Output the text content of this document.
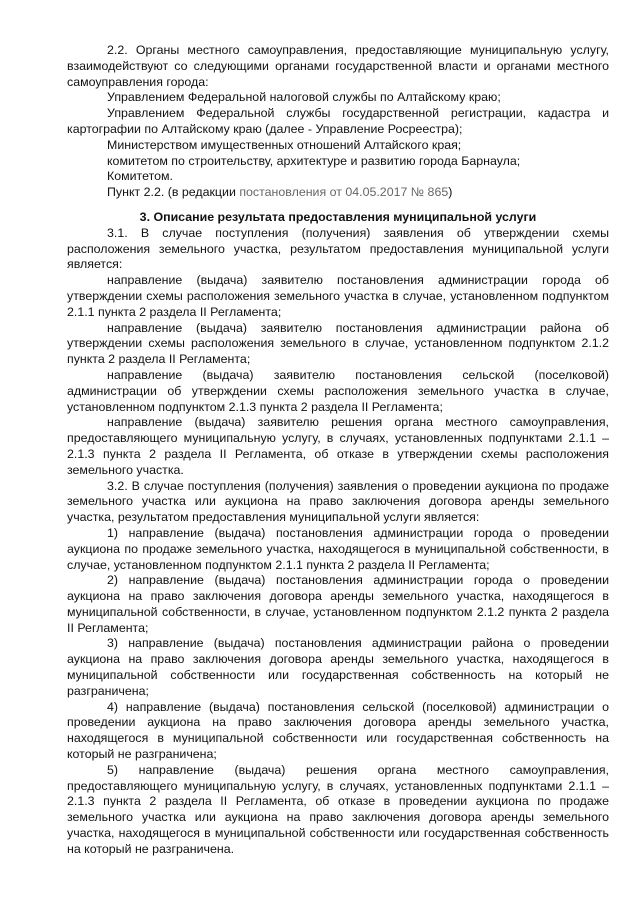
2.2. Органы местного самоуправления, предоставляющие муниципальную услугу, взаимодействуют со следующими органами государственной власти и органами местного самоуправления города:

Управлением Федеральной налоговой службы по Алтайскому краю;

Управлением Федеральной службы государственной регистрации, кадастра и картографии по Алтайскому краю (далее - Управление Росреестра);

Министерством имущественных отношений Алтайского края;

комитетом по строительству, архитектуре и развитию города Барнаула;

Комитетом.

Пункт 2.2. (в редакции постановления от 04.05.2017 № 865)

3. Описание результата предоставления муниципальной услуги

3.1. В случае поступления (получения) заявления об утверждении схемы расположения земельного участка, результатом предоставления муниципальной услуги является:

направление (выдача) заявителю постановления администрации города об утверждении схемы расположения земельного участка в случае, установленном подпунктом 2.1.1 пункта 2 раздела II Регламента;

направление (выдача) заявителю постановления администрации района об утверждении схемы расположения земельного в случае, установленном подпунктом 2.1.2 пункта 2 раздела II Регламента;

направление (выдача) заявителю постановления сельской (поселковой) администрации об утверждении схемы расположения земельного участка в случае, установленном подпунктом 2.1.3 пункта 2 раздела II Регламента;

направление (выдача) заявителю решения органа местного самоуправления, предоставляющего муниципальную услугу, в случаях, установленных подпунктами 2.1.1 – 2.1.3 пункта 2 раздела II Регламента, об отказе в утверждении схемы расположения земельного участка.

3.2. В случае поступления (получения) заявления о проведении аукциона по продаже земельного участка или аукциона на право заключения договора аренды земельного участка, результатом предоставления муниципальной услуги является:

1) направление (выдача) постановления администрации города о проведении аукциона по продаже земельного участка, находящегося в муниципальной собственности, в случае, установленном подпунктом 2.1.1 пункта 2 раздела II Регламента;

2) направление (выдача) постановления администрации города о проведении аукциона на право заключения договора аренды земельного участка, находящегося в муниципальной собственности, в случае, установленном подпунктом 2.1.2 пункта 2 раздела II Регламента;

3) направление (выдача) постановления администрации района о проведении аукциона на право заключения договора аренды земельного участка, находящегося в муниципальной собственности или государственная собственность на который не разграничена;

4) направление (выдача) постановления сельской (поселковой) администрации о проведении аукциона на право заключения договора аренды земельного участка, находящегося в муниципальной собственности или государственная собственность на который не разграничена;

5) направление (выдача) решения органа местного самоуправления, предоставляющего муниципальную услугу, в случаях, установленных подпунктами 2.1.1 – 2.1.3 пункта 2 раздела II Регламента, об отказе в проведении аукциона по продаже земельного участка или аукциона на право заключения договора аренды земельного участка, находящегося в муниципальной собственности или государственная собственность на который не разграничена.
